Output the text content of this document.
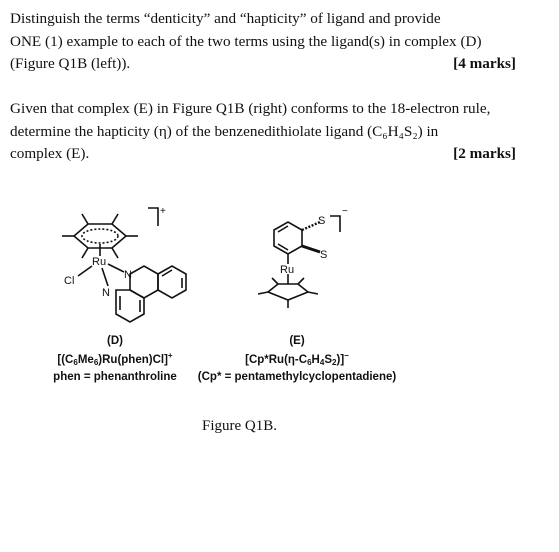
Distinguish the terms “denticity” and “hapticity” of ligand and provide

ONE (1) example to each of the two terms using the ligand(s) in complex (D)

(Figure Q1B (left)).	[4 marks]

Given that complex (E) in Figure Q1B (right) conforms to the 18-electron rule,

determine the hapticity (η) of the benzenedithiolate ligand (C₆H₄S₂) in

complex (E).	[2 marks]
Ru
Cl	N
N
+
S
S
Ru
−
(D)
$[(C_6Me_6)Ru(phen)Cl]^+$
phen = phenanthroline
(E)
$[Cp*Ru(\eta-C_6H_4S_2)]^-$
(Cp* = pentamethylcyclopentadiene)
Figure Q1B.
